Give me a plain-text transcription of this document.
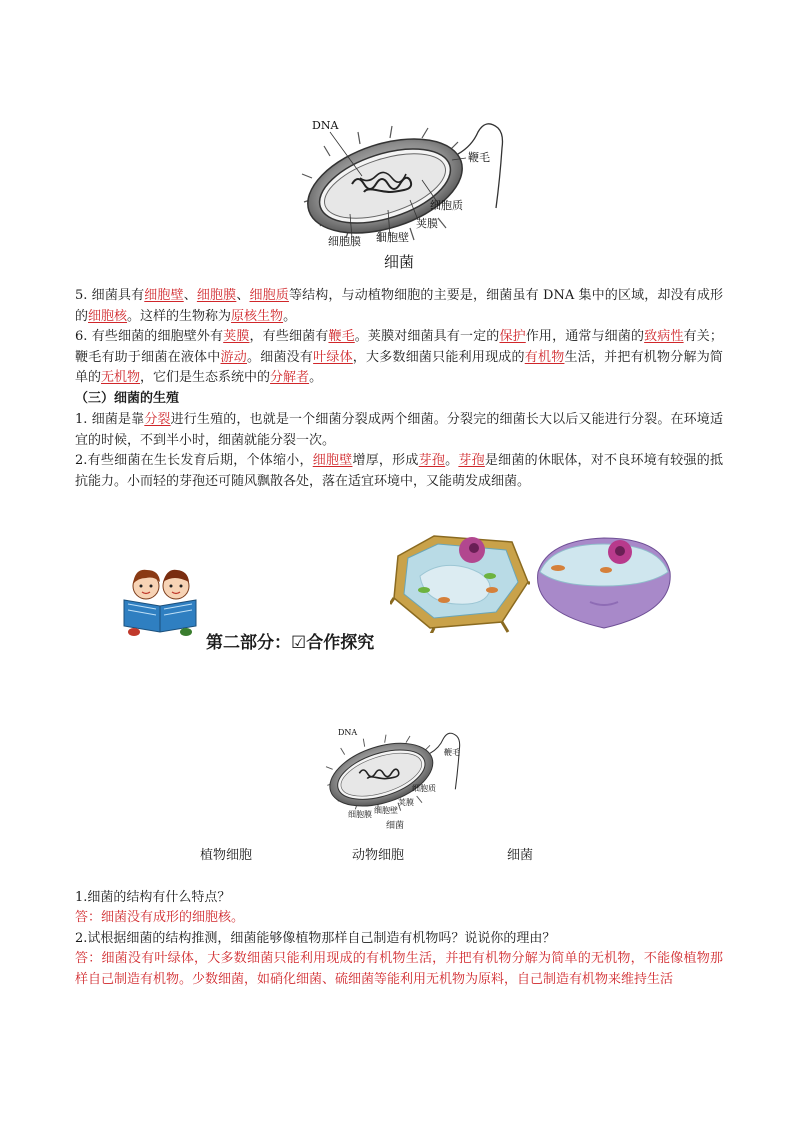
DNA
鞭毛
细胞质
荚膜
细胞壁
细胞膜
细菌
5. 细菌具有细胞壁、细胞膜、细胞质等结构，与动植物细胞的主要是，细菌虽有 DNA 集中的区域，却没有成形的细胞核。这样的生物称为原核生物。
6. 有些细菌的细胞壁外有荚膜，有些细菌有鞭毛。荚膜对细菌具有一定的保护作用，通常与细菌的致病性有关；鞭毛有助于细菌在液体中游动。细菌没有叶绿体，大多数细菌只能利用现成的有机物生活，并把有机物分解为简单的无机物，它们是生态系统中的分解者。
（三）细菌的生殖
1. 细菌是靠分裂进行生殖的，也就是一个细菌分裂成两个细菌。分裂完的细菌长大以后又能进行分裂。在环境适宜的时候，不到半小时，细菌就能分裂一次。
2.有些细菌在生长发育后期，个体缩小，细胞壁增厚，形成芽孢。芽孢是细菌的休眠体，对不良环境有较强的抵抗能力。小而轻的芽孢还可随风飘散各处，落在适宜环境中，又能萌发成细菌。
第二部分：☑合作探究
DNA
鞭毛
细胞质
荚膜
细胞壁
细胞膜
细菌
植物细胞	动物细胞	细菌
1.细菌的结构有什么特点？
答：细菌没有成形的细胞核。
2.试根据细菌的结构推测，细菌能够像植物那样自己制造有机物吗？说说你的理由？
答：细菌没有叶绿体，大多数细菌只能利用现成的有机物生活，并把有机物分解为简单的无机物，不能像植物那样自己制造有机物。少数细菌，如硝化细菌、硫细菌等能利用无机物为原料，自己制造有机物来维持生活
